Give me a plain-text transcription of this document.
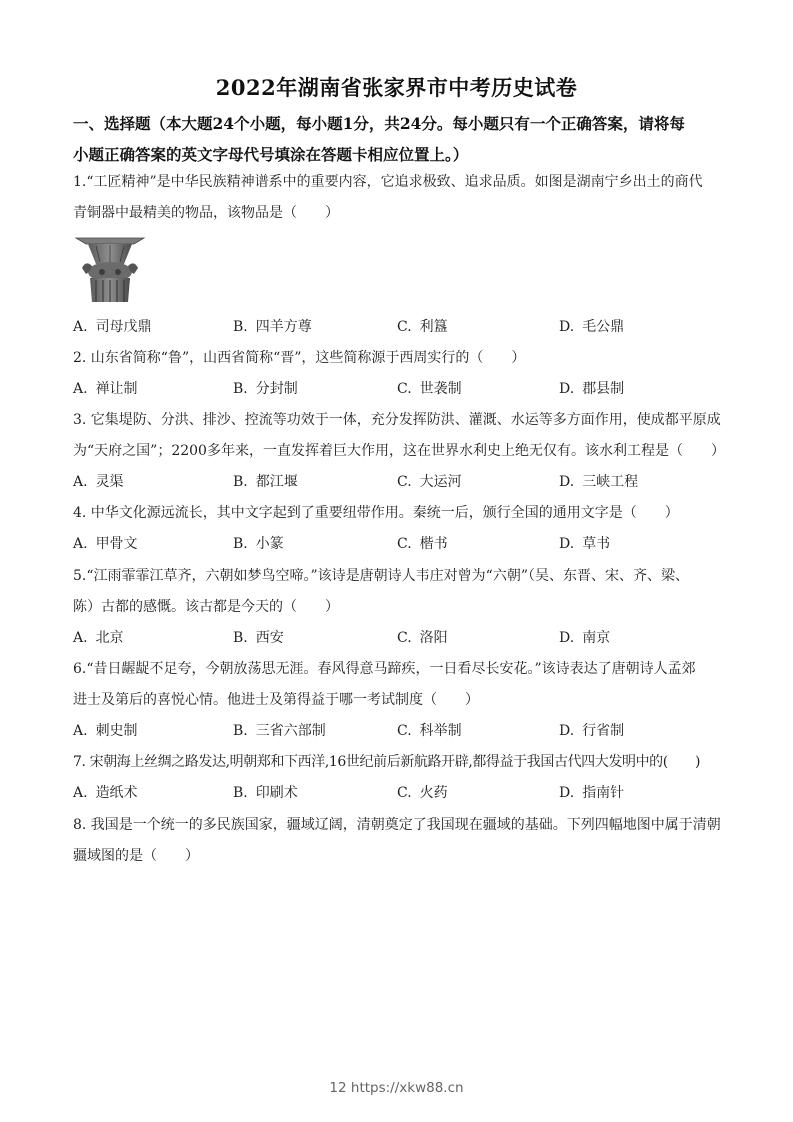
2022年湖南省张家界市中考历史试卷
一、选择题（本大题24个小题，每小题1分，共24分。每小题只有一个正确答案，请将每
小题正确答案的英文字母代号填涂在答题卡相应位置上。）
1.“工匠精神”是中华民族精神谱系中的重要内容，它追求极致、追求品质。如图是湖南宁乡出土的商代
青铜器中最精美的物品，该物品是（　　）
A. 司母戊鼎	B. 四羊方尊	C. 利簋	D. 毛公鼎
2. 山东省简称“鲁”，山西省简称“晋”，这些简称源于西周实行的（　　）
A. 禅让制	B. 分封制	C. 世袭制	D. 郡县制
3. 它集堤防、分洪、排沙、控流等功效于一体，充分发挥防洪、灌溉、水运等多方面作用，使成都平原成
为“天府之国”；2200多年来，一直发挥着巨大作用，这在世界水利史上绝无仅有。该水利工程是（　　）
A. 灵渠	B. 都江堰	C. 大运河	D. 三峡工程
4. 中华文化源远流长，其中文字起到了重要纽带作用。秦统一后，颁行全国的通用文字是（　　）
A. 甲骨文	B. 小篆	C. 楷书	D. 草书
5.“江雨霏霏江草齐，六朝如梦鸟空啼。”该诗是唐朝诗人韦庄对曾为“六朝”（吴、东晋、宋、齐、梁、
陈）古都的感慨。该古都是今天的（　　）
A. 北京	B. 西安	C. 洛阳	D. 南京
6.“昔日龌龊不足夸，今朝放荡思无涯。春风得意马蹄疾，一日看尽长安花。”该诗表达了唐朝诗人孟郊
进士及第后的喜悦心情。他进士及第得益于哪一考试制度（　　）
A. 刺史制	B. 三省六部制	C. 科举制	D. 行省制
7. 宋朝海上丝绸之路发达,明朝郑和下西洋,16世纪前后新航路开辟,都得益于我国古代四大发明中的(　　)
A. 造纸术	B. 印刷术	C. 火药	D. 指南针
8. 我国是一个统一的多民族国家，疆域辽阔，清朝奠定了我国现在疆域的基础。下列四幅地图中属于清朝
疆域图的是（　　）
12 https://xkw88.cn
